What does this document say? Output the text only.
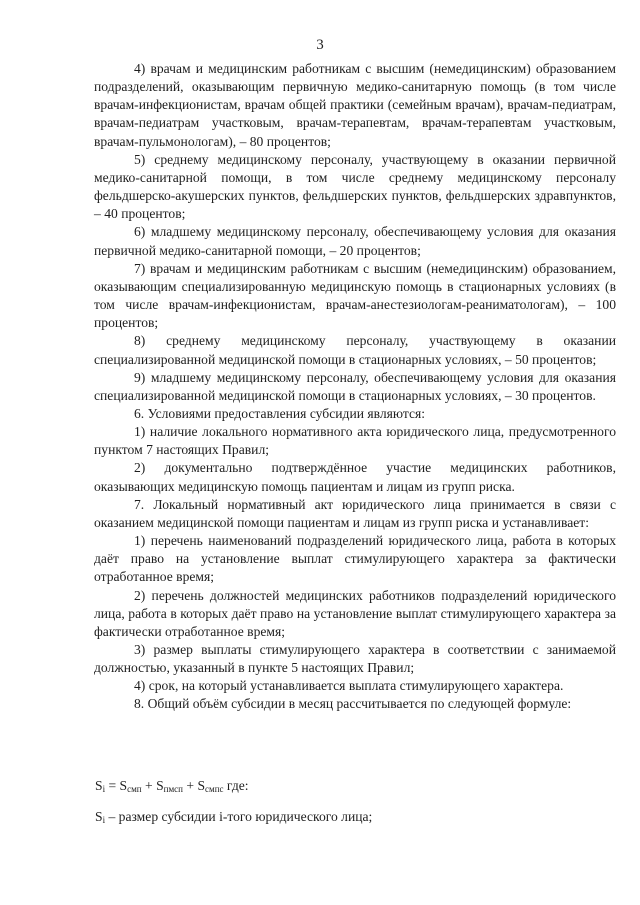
3

4) врачам и медицинским работникам с высшим (немедицинским) образованием подразделений, оказывающим первичную медико-санитарную помощь (в том числе врачам-инфекционистам, врачам общей практики (семейным врачам), врачам-педиатрам, врачам-педиатрам участковым, врачам-терапевтам, врачам-терапевтам участковым, врачам-пульмонологам), – 80 процентов;

5) среднему медицинскому персоналу, участвующему в оказании первичной медико-санитарной помощи, в том числе среднему медицинскому персоналу фельдшерско-акушерских пунктов, фельдшерских пунктов, фельдшерских здравпунктов, – 40 процентов;

6) младшему медицинскому персоналу, обеспечивающему условия для оказания первичной медико-санитарной помощи, – 20 процентов;

7) врачам и медицинским работникам с высшим (немедицинским) образованием, оказывающим специализированную медицинскую помощь в стационарных условиях (в том числе врачам-инфекционистам, врачам-анестезиологам-реаниматологам), – 100 процентов;

8) среднему медицинскому персоналу, участвующему в оказании специализированной медицинской помощи в стационарных условиях, – 50 процентов;

9) младшему медицинскому персоналу, обеспечивающему условия для оказания специализированной медицинской помощи в стационарных условиях, – 30 процентов.

6. Условиями предоставления субсидии являются:

1) наличие локального нормативного акта юридического лица, предусмотренного пунктом 7 настоящих Правил;

2) документально подтверждённое участие медицинских работников, оказывающих медицинскую помощь пациентам и лицам из групп риска.

7. Локальный нормативный акт юридического лица принимается в связи с оказанием медицинской помощи пациентам и лицам из групп риска и устанавливает:

1) перечень наименований подразделений юридического лица, работа в которых даёт право на установление выплат стимулирующего характера за фактически отработанное время;

2) перечень должностей медицинских работников подразделений юридического лица, работа в которых даёт право на установление выплат стимулирующего характера за фактически отработанное время;

3) размер выплаты стимулирующего характера в соответствии с занимаемой должностью, указанный в пункте 5 настоящих Правил;

4) срок, на который устанавливается выплата стимулирующего характера.

8. Общий объём субсидии в месяц рассчитывается по следующей формуле:

$S_i = S_{смп} + S_{пмсп} + S_{смпс}$ где:
$S_i$ – размер субсидии i-того юридического лица;
